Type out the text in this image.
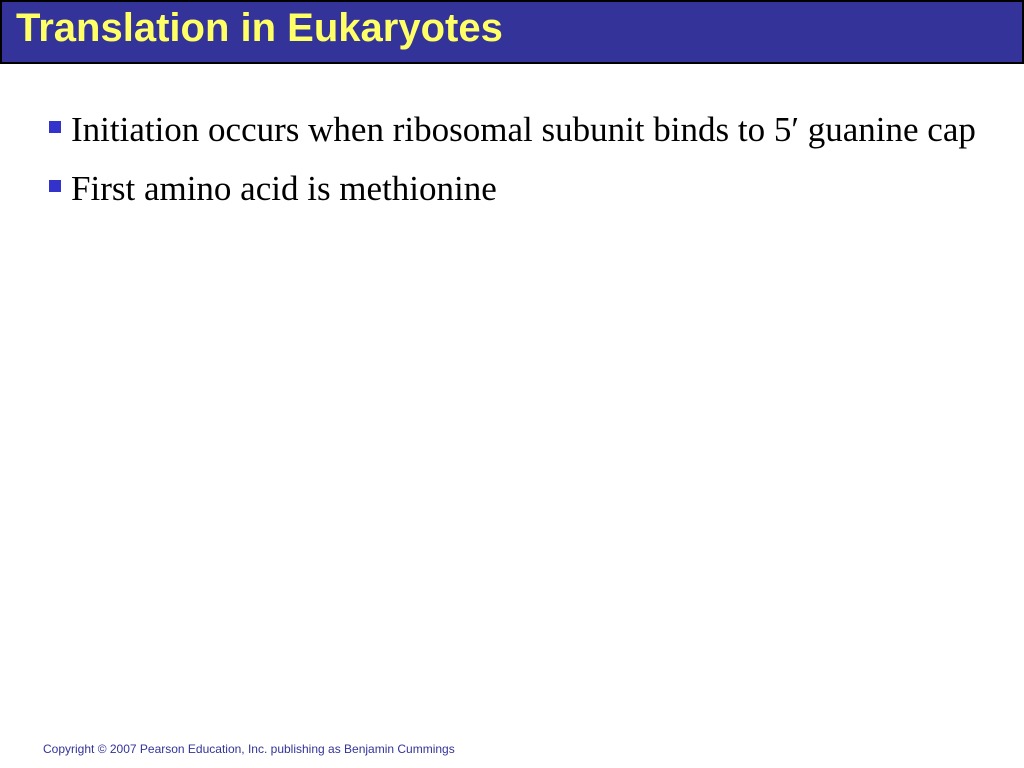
Translation in Eukaryotes
Initiation occurs when ribosomal subunit binds to 5′ guanine cap
First amino acid is methionine
Copyright © 2007 Pearson Education, Inc. publishing as Benjamin Cummings
